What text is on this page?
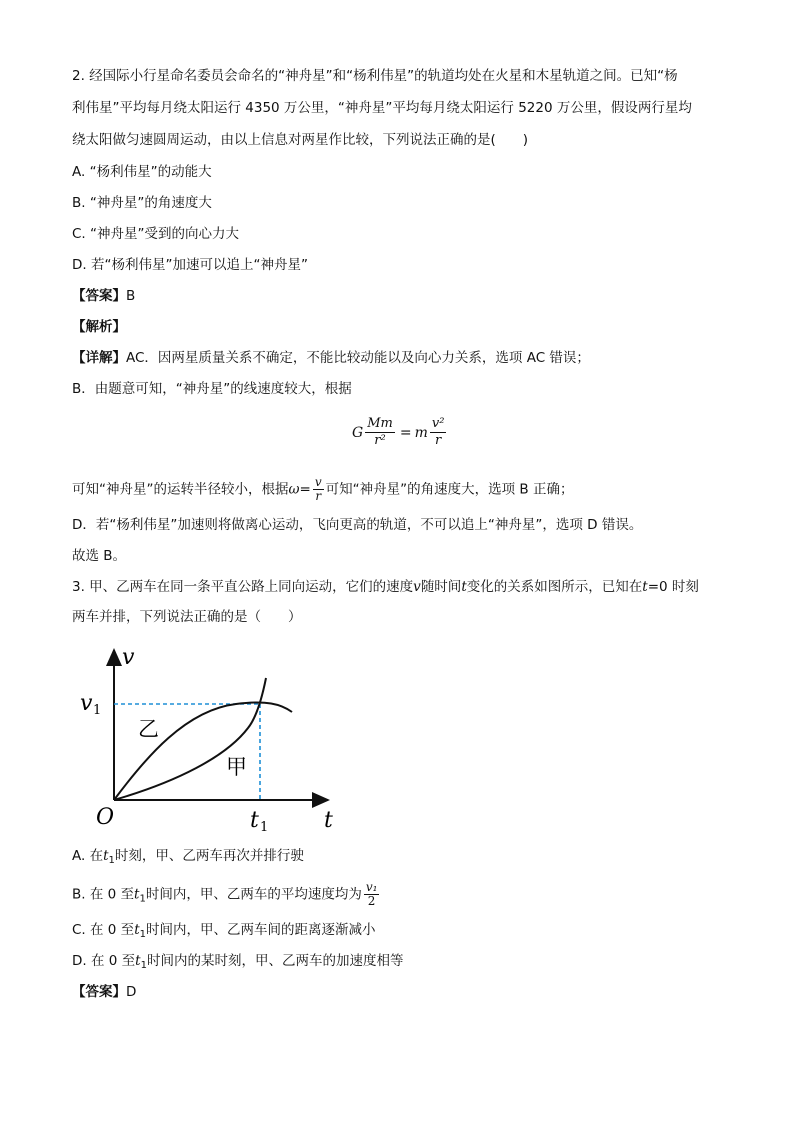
2. 经国际小行星命名委员会命名的“神舟星”和“杨利伟星”的轨道均处在火星和木星轨道之间。已知“杨
利伟星”平均每月绕太阳运行 4350 万公里，“神舟星”平均每月绕太阳运行 5220 万公里，假设两行星均
绕太阳做匀速圆周运动，由以上信息对两星作比较，下列说法正确的是(　　)
A. “杨利伟星”的动能大
B. “神舟星”的角速度大
C. “神舟星”受到的向心力大
D. 若“杨利伟星”加速可以追上“神舟星”
【答案】B
【解析】
【详解】AC．因两星质量关系不确定，不能比较动能以及向心力关系，选项 AC 错误；
B．由题意可知，“神舟星”的线速度较大，根据
G $\frac{Mm}{\text{r²}} = m \frac{\text{v²}}{r}$
可知“神舟星”的运转半径较小，根据$\omega= \frac{v}{r}$ 可知“神舟星”的角速度大，选项 B 正确；
D．若“杨利伟星”加速则将做离心运动，飞向更高的轨道，不可以追上“神舟星”，选项 D 错误。
故选 B。
3. 甲、乙两车在同一条平直公路上同向运动，它们的速度v随时间t变化的关系如图所示，已知在t=0 时刻
两车并排，下列说法正确的是（　　）
v
t
O
v 1
t 1
乙
甲
A. 在$t_1$时刻，甲、乙两车再次并排行驶
B. 在 0 至$t_1$时间内，甲、乙两车的平均速度均为 $\frac{\text{v₁}}{2}$
C. 在 0 至$t_1$时间内，甲、乙两车间的距离逐渐减小
D. 在 0 至$t_1$时间内的某时刻，甲、乙两车的加速度相等
【答案】D
